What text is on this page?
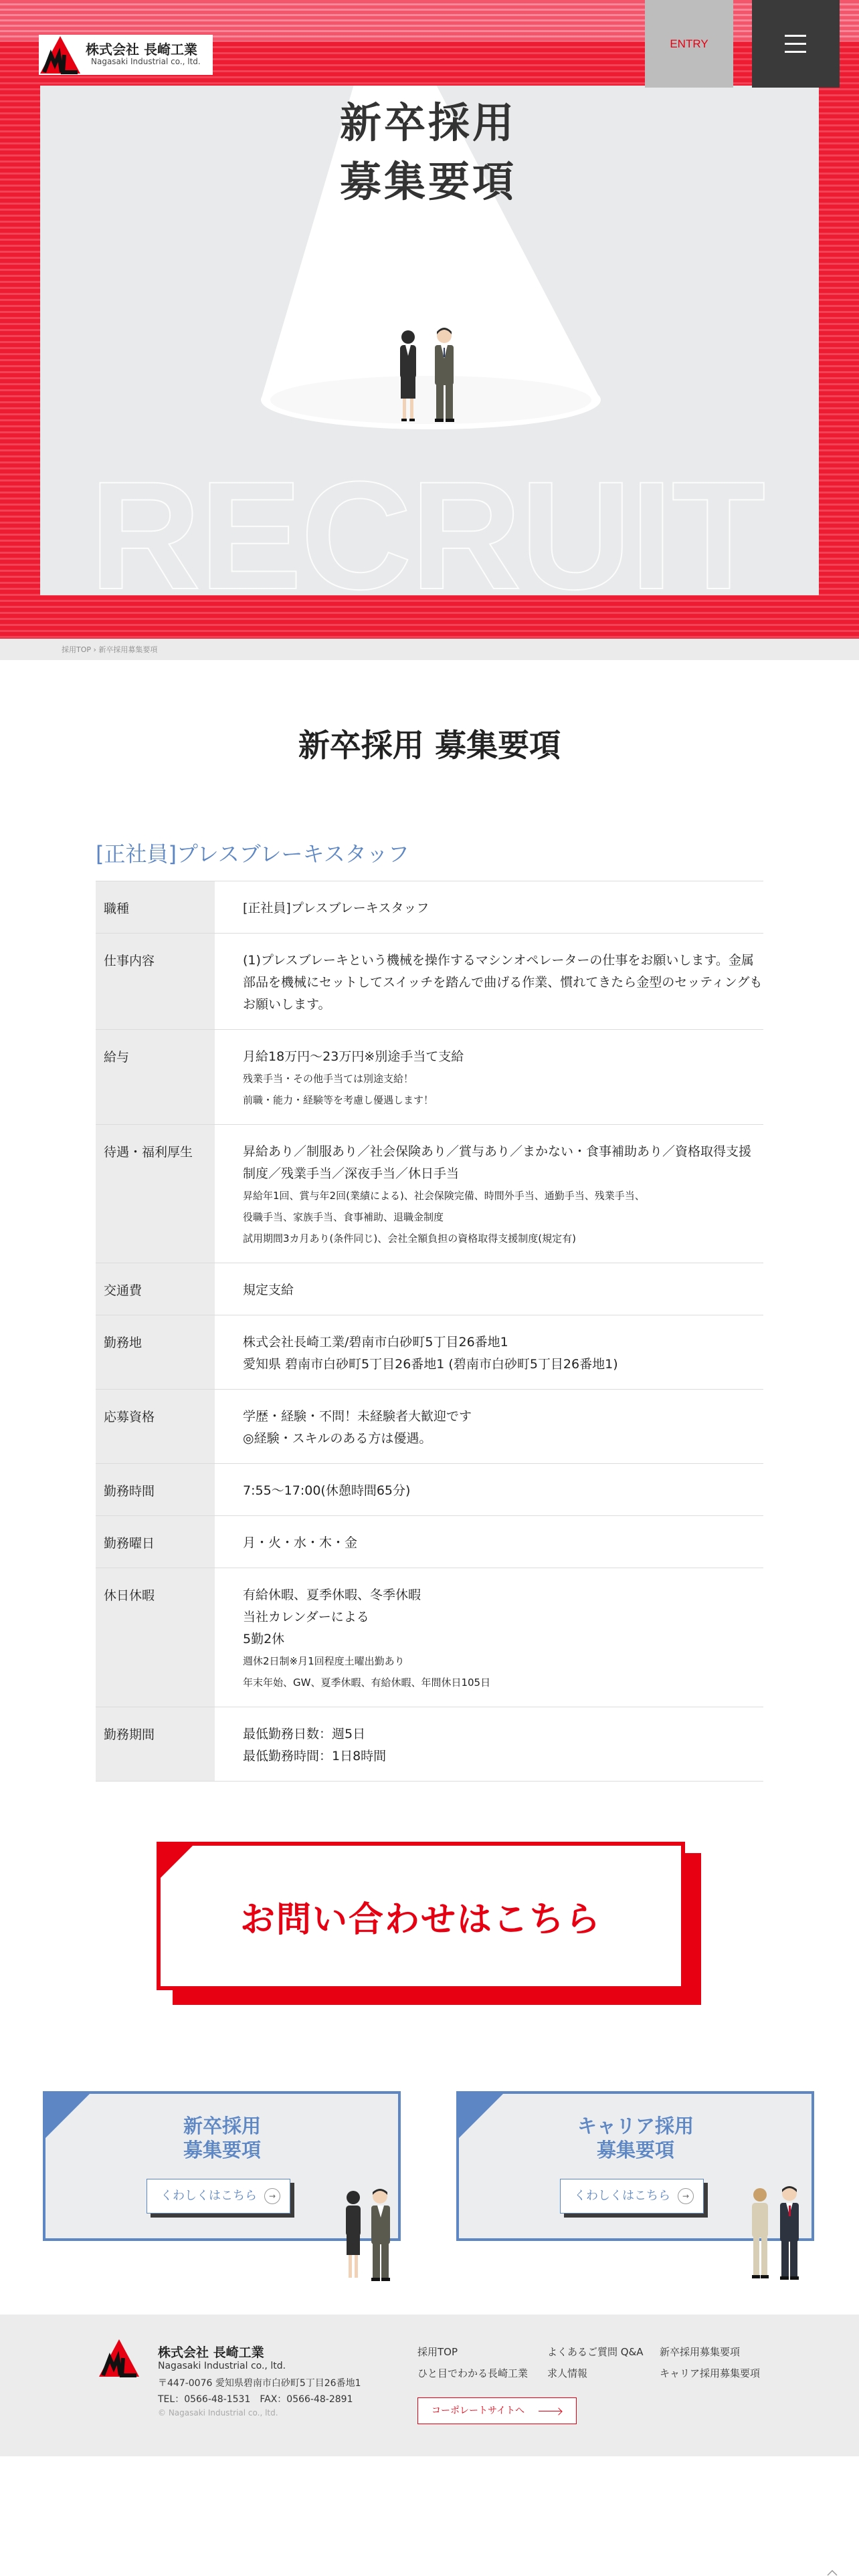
RECRUIT
新卒採用
募集要項
株式会社 長崎工業
Nagasaki Industrial co., ltd.
ENTRY
採用TOP › 新卒採用募集要項
新卒採用 募集要項
[正社員]プレスブレーキスタッフ
職種	[正社員]プレスブレーキスタッフ

仕事内容	(1)プレスブレーキという機械を操作するマシンオペレーターの仕事をお願いします。金属部品を機械にセットしてスイッチを踏んで曲げる作業、慣れてきたら金型のセッティングもお願いします。

給与	月給18万円〜23万円※別途手当て支給
残業手当・その他手当ては別途支給！
前職・能力・経験等を考慮し優遇します！

待遇・福利厚生	昇給あり／制服あり／社会保険あり／賞与あり／まかない・食事補助あり／資格取得支援制度／残業手当／深夜手当／休日手当
昇給年1回、賞与年2回(業績による)、社会保険完備、時間外手当、通勤手当、残業手当、
役職手当、家族手当、食事補助、退職金制度
試用期間3カ月あり(条件同じ)、会社全額負担の資格取得支援制度(規定有)

交通費	規定支給

勤務地	株式会社長崎工業/碧南市白砂町5丁目26番地1
愛知県 碧南市白砂町5丁目26番地1 (碧南市白砂町5丁目26番地1)

応募資格	学歴・経験・不問！未経験者大歓迎です
◎経験・スキルのある方は優遇。

勤務時間	7:55〜17:00(休憩時間65分)

勤務曜日	月・火・水・木・金

休日休暇	有給休暇、夏季休暇、冬季休暇
当社カレンダーによる
5勤2休
週休2日制※月1回程度土曜出勤あり
年末年始、GW、夏季休暇、有給休暇、年間休日105日

勤務期間	最低勤務日数：週5日
最低勤務時間：1日8時間
お問い合わせはこちら
新卒採用
募集要項
くわしくはこちら	→
キャリア採用
募集要項
くわしくはこちら	→
株式会社 長崎工業
Nagasaki Industrial co., ltd.
〒447-0076 愛知県碧南市白砂町5丁目26番地1
TEL：0566-48-1531　FAX：0566-48-2891
© Nagasaki Industrial co., ltd.
採用TOP
ひと目でわかる長崎工業
よくあるご質問 Q&A
求人情報
新卒採用募集要項
キャリア採用募集要項
コーポレートサイトへ
